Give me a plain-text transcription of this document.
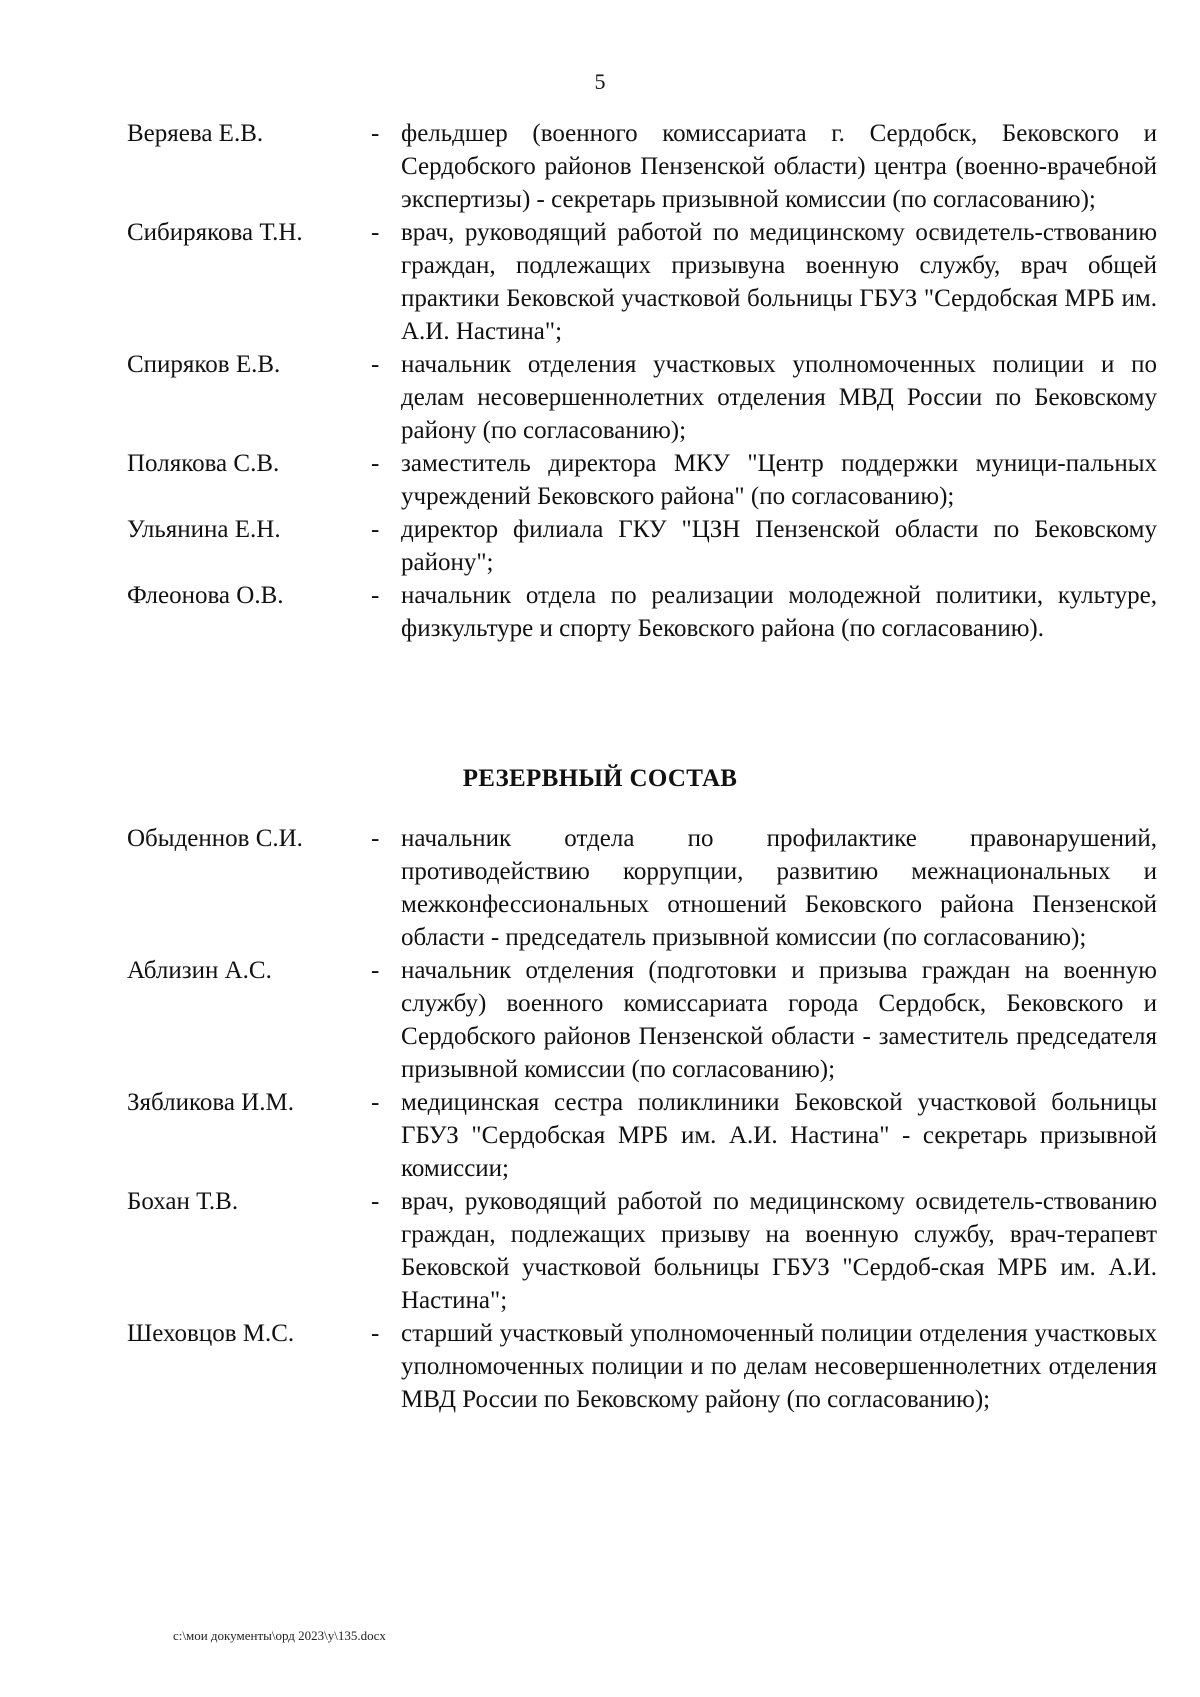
5
Веряева Е.В.	- фельдшер (военного комиссариата г. Сердобск, Бековского и Сердобского районов Пензенской области) центра (военно-врачебной экспертизы) - секретарь призывной комиссии (по согласованию);
Сибирякова Т.Н.	- врач, руководящий работой по медицинскому освидетель-ствованию граждан, подлежащих призывуна военную службу, врач общей практики Бековской участковой больницы ГБУЗ "Сердобская МРБ им. А.И. Настина";
Спиряков Е.В.	- начальник отделения участковых уполномоченных полиции и по делам несовершеннолетних отделения МВД России по Бековскому району (по согласованию);
Полякова С.В.	- заместитель директора МКУ "Центр поддержки муници-пальных учреждений Бековского района" (по согласованию);
Ульянина Е.Н.	- директор филиала ГКУ "ЦЗН Пензенской области по Бековскому району";
Флеонова О.В.	- начальник отдела по реализации молодежной политики, культуре, физкультуре и спорту Бековского района (по согласованию).
РЕЗЕРВНЫЙ СОСТАВ
Обыденнов С.И.	- начальник отдела по профилактике правонарушений, противодействию коррупции, развитию межнациональных и межконфессиональных отношений Бековского района Пензенской области - председатель призывной комиссии (по согласованию);
Аблизин А.С.	- начальник отделения (подготовки и призыва граждан на военную службу) военного комиссариата города Сердобск, Бековского и Сердобского районов Пензенской области - заместитель председателя призывной комиссии (по согласованию);
Зябликова И.М.	- медицинская сестра поликлиники Бековской участковой больницы ГБУЗ "Сердобская МРБ им. А.И. Настина" - секретарь призывной комиссии;
Бохан Т.В.	- врач, руководящий работой по медицинскому освидетель-ствованию граждан, подлежащих призыву на военную службу, врач-терапевт Бековской участковой больницы ГБУЗ "Сердоб-ская МРБ им. А.И. Настина";
Шеховцов М.С.	- старший участковый уполномоченный полиции отделения участковых уполномоченных полиции и по делам несовершеннолетних отделения МВД России по Бековскому району (по согласованию);
c:\мои документы\орд 2023\у\135.docx
